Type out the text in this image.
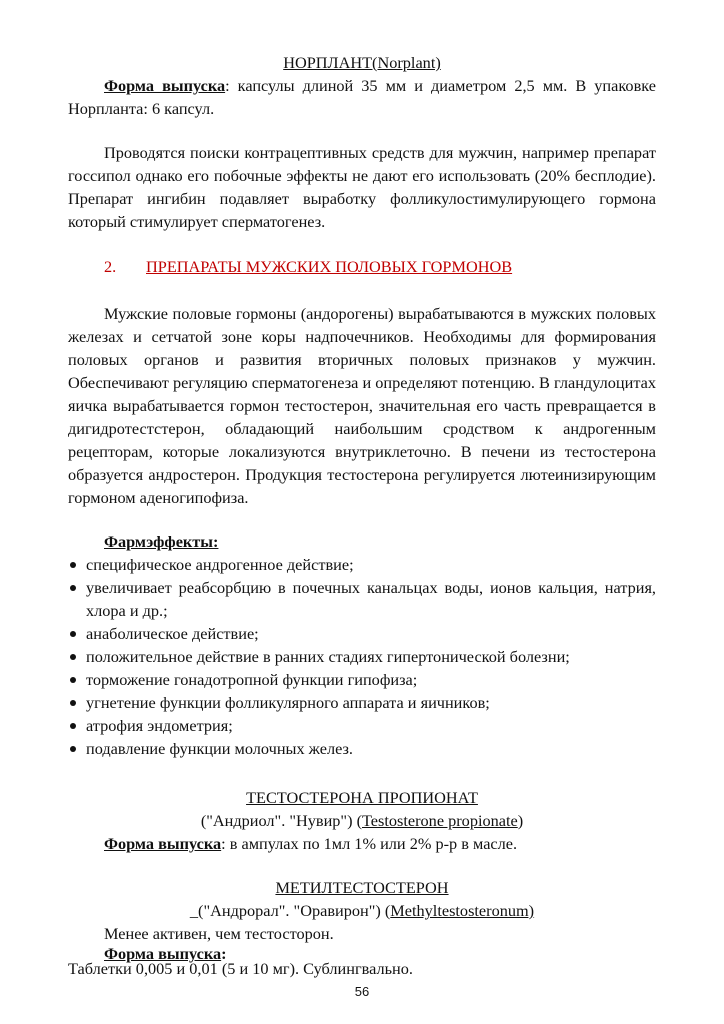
НОРПЛАНТ(Norplant)
Форма выпуска: капсулы длиной 35 мм и диаметром 2,5 мм. В упаковке Норпланта: 6 капсул.
Проводятся поиски контрацептивных средств для мужчин, например препарат госсипол однако его побочные эффекты не дают его использовать (20% бесплодие). Препарат ингибин подавляет выработку фолликулостимулирующего гормона который стимулирует сперматогенез.
2. ПРЕПАРАТЫ МУЖСКИХ ПОЛОВЫХ ГОРМОНОВ
Мужские половые гормоны (андорогены) вырабатываются в мужских половых железах и сетчатой зоне коры надпочечников. Необходимы для формирования половых органов и развития вторичных половых признаков у мужчин. Обеспечивают регуляцию сперматогенеза и определяют потенцию. В гландулоцитах яичка вырабатывается гормон тестостерон, значительная его часть превращается в дигидротестстерон, обладающий наибольшим сродством к андрогенным рецепторам, которые локализуются внутриклеточно. В печени из тестостерона образуется андростерон. Продукция тестостерона регулируется лютеинизирующим гормоном аденогипофиза.
Фармэффекты:
специфическое андрогенное действие;
увеличивает реабсорбцию в почечных канальцах воды, ионов кальция, натрия, хлора и др.;
анаболическое действие;
положительное действие в ранних стадиях гипертонической болезни;
торможение гонадотропной функции гипофиза;
угнетение функции фолликулярного аппарата и яичников;
атрофия эндометрия;
подавление функции молочных желез.
ТЕСТОСТЕРОНА ПРОПИОНАТ
("Андриол". "Нувир") (Testosterone propionate)
Форма выпуска: в ампулах по 1мл 1% или 2% р-р в масле.
МЕТИЛТЕСТОСТЕРОН
_("Андрорал". "Оравирон") (Methyltestosteronum)
Менее активен, чем тестосторон.
Форма выпуска:
Таблетки 0,005 и 0,01 (5 и 10 мг). Сублингвально.
56
